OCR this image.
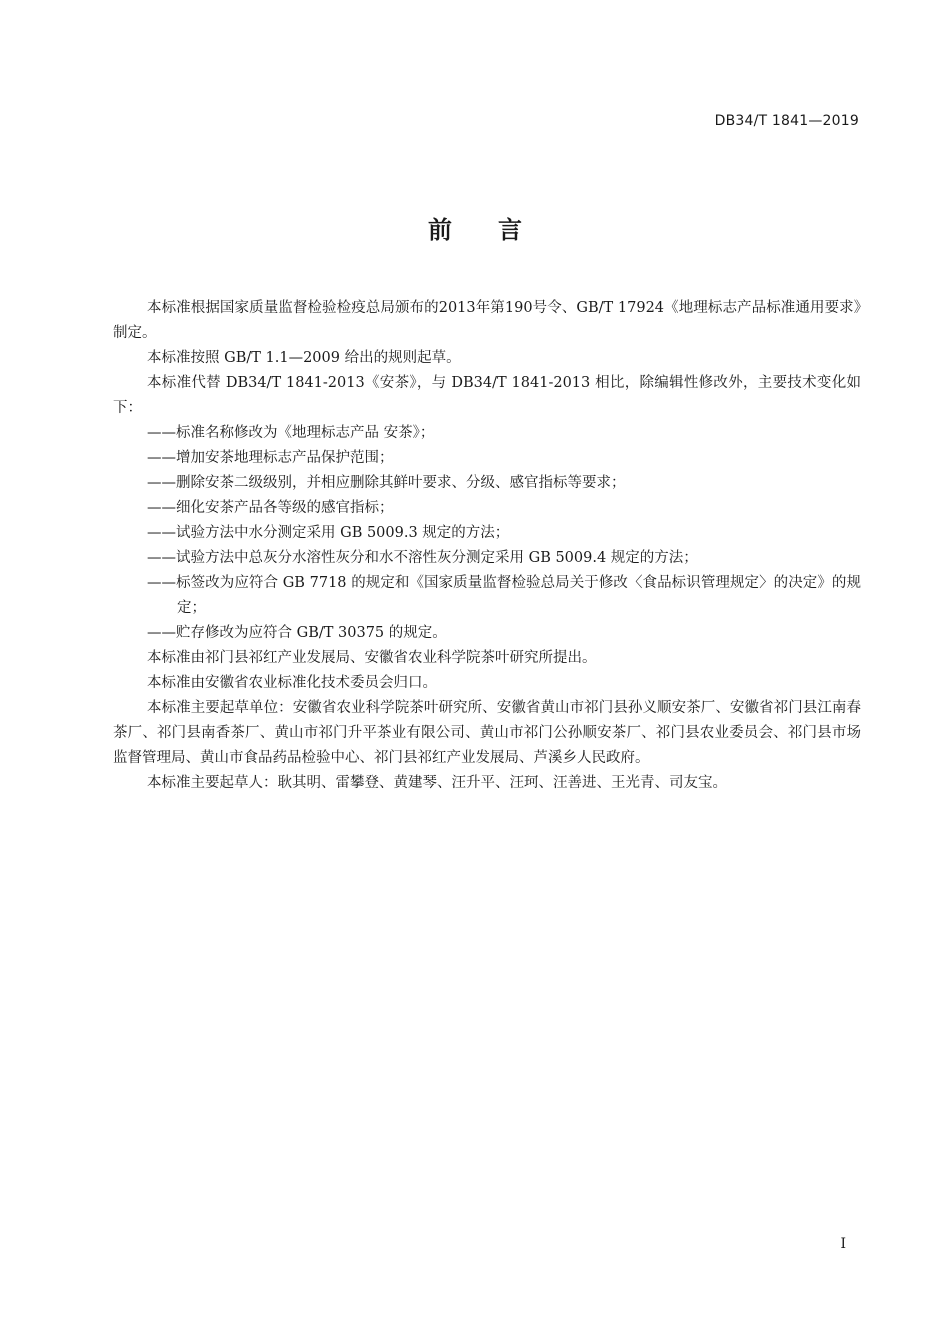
DB34/T 1841—2019
前言

本标准根据国家质量监督检验检疫总局颁布的2013年第190号令、GB/T 17924《地理标志产品标准通用要求》制定。

本标准按照 GB/T 1.1—2009 给出的规则起草。

本标准代替 DB34/T 1841-2013《安茶》，与 DB34/T 1841-2013 相比，除编辑性修改外，主要技术变化如下：

——标准名称修改为《地理标志产品 安茶》；

——增加安茶地理标志产品保护范围；

——删除安茶二级级别，并相应删除其鲜叶要求、分级、感官指标等要求；

——细化安茶产品各等级的感官指标；

——试验方法中水分测定采用 GB 5009.3 规定的方法；

——试验方法中总灰分水溶性灰分和水不溶性灰分测定采用 GB 5009.4 规定的方法；

——标签改为应符合 GB 7718 的规定和《国家质量监督检验总局关于修改〈食品标识管理规定〉的决定》的规定；

——贮存修改为应符合 GB/T 30375 的规定。

本标准由祁门县祁红产业发展局、安徽省农业科学院茶叶研究所提出。

本标准由安徽省农业标准化技术委员会归口。

本标准主要起草单位：安徽省农业科学院茶叶研究所、安徽省黄山市祁门县孙义顺安茶厂、安徽省祁门县江南春茶厂、祁门县南香茶厂、黄山市祁门升平茶业有限公司、黄山市祁门公孙顺安茶厂、祁门县农业委员会、祁门县市场监督管理局、黄山市食品药品检验中心、祁门县祁红产业发展局、芦溪乡人民政府。

本标准主要起草人：耿其明、雷攀登、黄建琴、汪升平、汪珂、汪善进、王光青、司友宝。

I
